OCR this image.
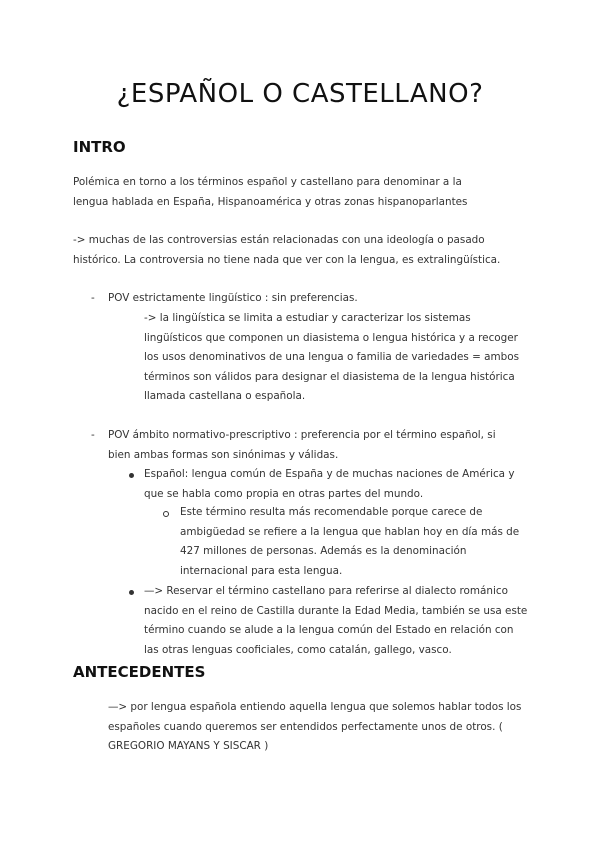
¿ESPAÑOL O CASTELLANO?
INTRO

Polémica en torno a los términos español y castellano para denominar a la lengua hablada en España, Hispanoamérica y otras zonas hispanoparlantes

-> muchas de las controversias están relacionadas con una ideología o pasado histórico. La controversia no tiene nada que ver con la lengua, es extralingüística.

- POV estrictamente lingüístico : sin preferencias.

-> la lingüística se limita a estudiar y caracterizar los sistemas lingüísticos que componen un diasistema o lengua histórica y a recoger los usos denominativos de una lengua o familia de variedades = ambos términos son válidos para designar el diasistema de la lengua histórica llamada castellana o española.

- POV ámbito normativo-prescriptivo : preferencia por el término español, si bien ambas formas son sinónimas y válidas.

Español: lengua común de España y de muchas naciones de América y que se habla como propia en otras partes del mundo.

Este término resulta más recomendable porque carece de ambigüedad se refiere a la lengua que hablan hoy en día más de 427 millones de personas. Además es la denominación internacional para esta lengua.

—> Reservar el término castellano para referirse al dialecto románico nacido en el reino de Castilla durante la Edad Media, también se usa este término cuando se alude a la lengua común del Estado en relación con las otras lenguas cooficiales, como catalán, gallego, vasco.

ANTECEDENTES

—> por lengua española entiendo aquella lengua que solemos hablar todos los españoles cuando queremos ser entendidos perfectamente unos de otros. ( GREGORIO MAYANS Y SISCAR )
